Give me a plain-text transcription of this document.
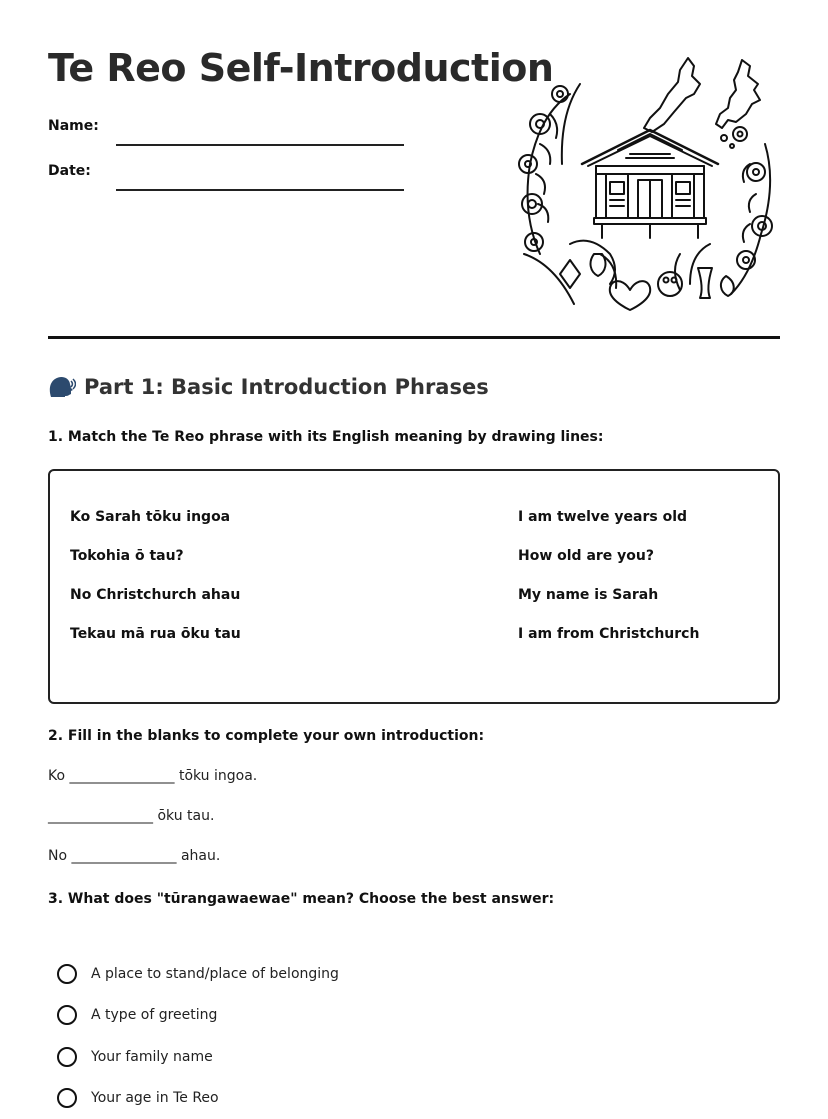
Te Reo Self-Introduction
Name:
Date:
Part 1: Basic Introduction Phrases

1. Match the Te Reo phrase with its English meaning by drawing lines:

Ko Sarah tōku ingoa
Tokohia ō tau?
No Christchurch ahau
Tekau mā rua ōku tau
I am twelve years old
How old are you?
My name is Sarah
I am from Christchurch

2. Fill in the blanks to complete your own introduction:

Ko _______________ tōku ingoa.
_______________ ōku tau.
No _______________ ahau.

3. What does "tūrangawaewae" mean? Choose the best answer:

A place to stand/place of belonging
A type of greeting
Your family name
Your age in Te Reo
